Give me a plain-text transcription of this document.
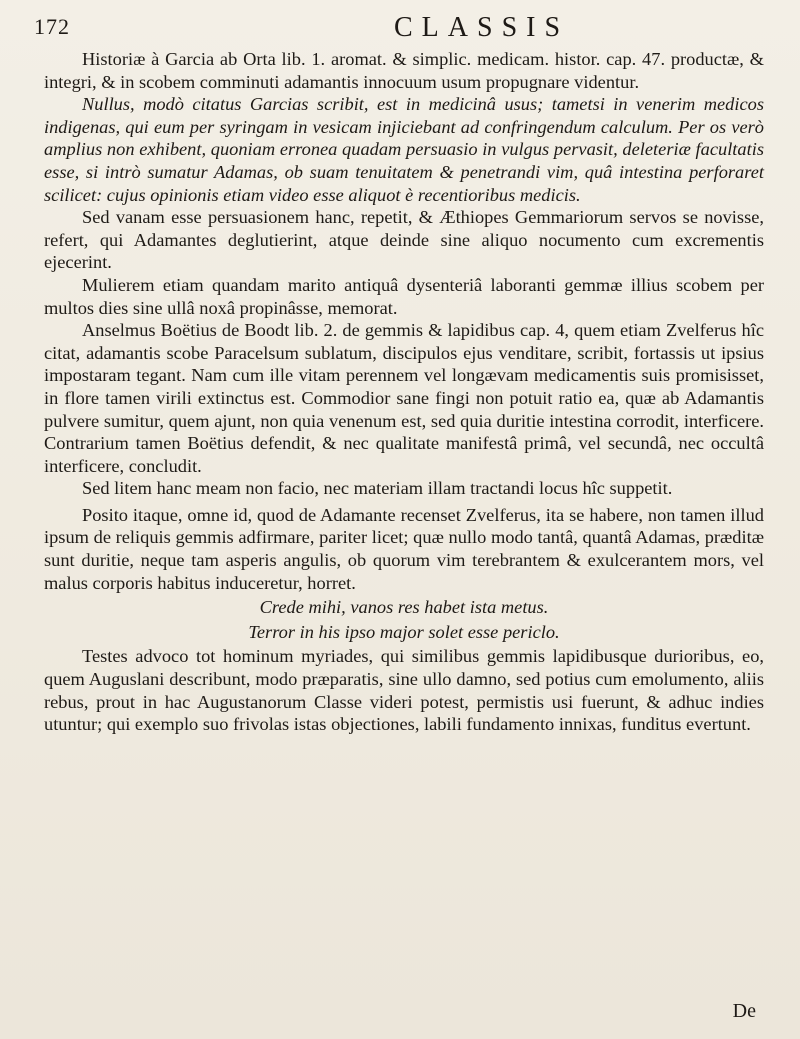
172	CLASSIS

Historiæ à Garcia ab Orta lib. 1. aromat. & simplic. medicam. histor. cap. 47. productæ, & integri, & in scobem comminuti adamantis innocuum usum propugnare videntur.

Nullus, modò citatus Garcias scribit, est in medicinâ usus; tametsi in venerim medicos indigenas, qui eum per syringam in vesicam injiciebant ad confringendum calculum. Per os verò amplius non exhibent, quoniam erronea quadam persuasio in vulgus pervasit, deleteriæ facultatis esse, si intrò sumatur Adamas, ob suam tenuitatem & penetrandi vim, quâ intestina perforaret scilicet: cujus opinionis etiam video esse aliquot è recentioribus medicis.

Sed vanam esse persuasionem hanc, repetit, & Æthiopes Gemmariorum servos se novisse, refert, qui Adamantes deglutierint, atque deinde sine aliquo nocumento cum excrementis ejecerint.

Mulierem etiam quandam marito antiquâ dysenteriâ laboranti gemmæ illius scobem per multos dies sine ullâ noxâ propinâsse, memorat.

Anselmus Boëtius de Boodt lib. 2. de gemmis & lapidibus cap. 4, quem etiam Zvelferus hîc citat, adamantis scobe Paracelsum sublatum, discipulos ejus venditare, scribit, fortassis ut ipsius impostaram tegant. Nam cum ille vitam perennem vel longævam medicamentis suis promisisset, in flore tamen virili extinctus est. Commodior sane fingi non potuit ratio ea, quæ ab Adamantis pulvere sumitur, quem ajunt, non quia venenum est, sed quia duritie intestina corrodit, interficere. Contrarium tamen Boëtius defendit, & nec qualitate manifestâ primâ, vel secundâ, nec occultâ interficere, concludit.

Sed litem hanc meam non facio, nec materiam illam tractandi locus hîc suppetit.

Posito itaque, omne id, quod de Adamante recenset Zvelferus, ita se habere, non tamen illud ipsum de reliquis gemmis adfirmare, pariter licet; quæ nullo modo tantâ, quantâ Adamas, præditæ sunt duritie, neque tam asperis angulis, ob quorum vim terebrantem & exulcerantem mors, vel malus corporis habitus induceretur, horret.

Crede mihi, vanos res habet ista metus.

Terror in his ipso major solet esse periclo.

Testes advoco tot hominum myriades, qui similibus gemmis lapidibusque durioribus, eo, quem Auguslani describunt, modo præparatis, sine ullo damno, sed potius cum emolumento, aliis rebus, prout in hac Augustanorum Classe videri potest, permistis usi fuerunt, & adhuc indies utuntur; qui exemplo suo frivolas istas objectiones, labili fundamento innixas, funditus evertunt.

De
